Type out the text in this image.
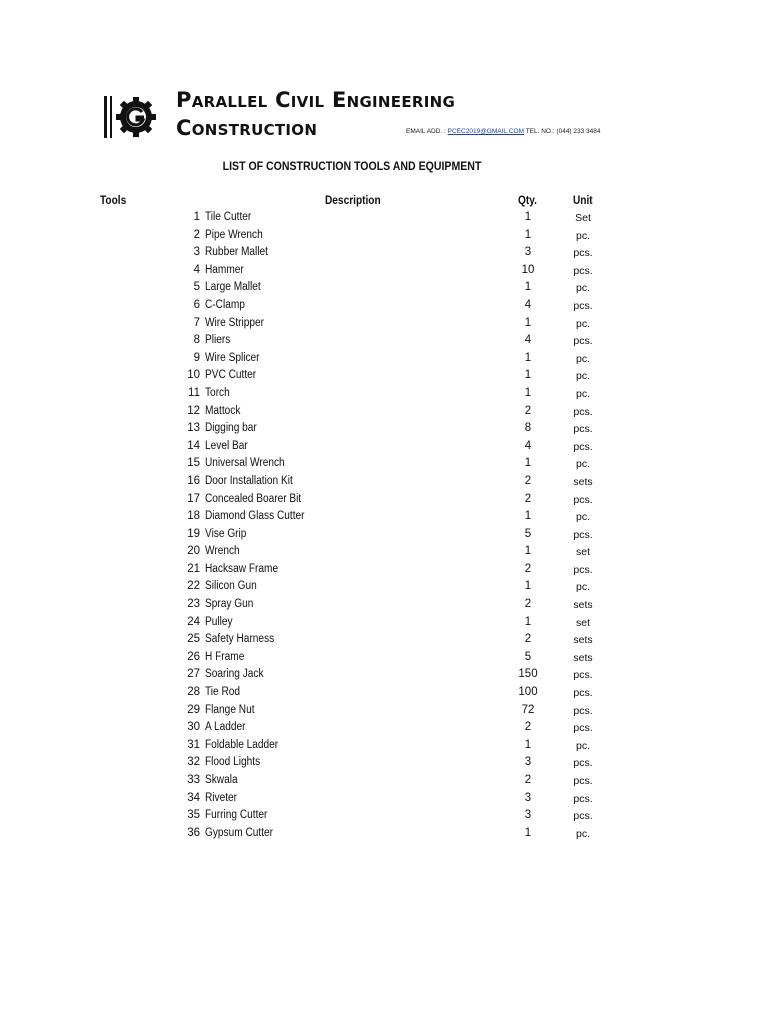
Parallel Civil Engineering
Construction	EMAIL ADD. : PCEC2019@GMAIL.COM TEL. NO.: (044) 233 3484
LIST OF CONSTRUCTION TOOLS AND EQUIPMENT
Tools	Description	Qty.	Unit
1 Tile Cutter	1	Set
2 Pipe Wrench	1	pc.
3 Rubber Mallet	3	pcs.
4 Hammer	10	pcs.
5 Large Mallet	1	pc.
6 C-Clamp	4	pcs.
7 Wire Stripper	1	pc.
8 Pliers	4	pcs.
9 Wire Splicer	1	pc.
10 PVC Cutter	1	pc.
11 Torch	1	pc.
12 Mattock	2	pcs.
13 Digging bar	8	pcs.
14 Level Bar	4	pcs.
15 Universal Wrench	1	pc.
16 Door Installation Kit	2	sets
17 Concealed Boarer Bit	2	pcs.
18 Diamond Glass Cutter	1	pc.
19 Vise Grip	5	pcs.
20 Wrench	1	set
21 Hacksaw Frame	2	pcs.
22 Silicon Gun	1	pc.
23 Spray Gun	2	sets
24 Pulley	1	set
25 Safety Harness	2	sets
26 H Frame	5	sets
27 Soaring Jack	150	pcs.
28 Tie Rod	100	pcs.
29 Flange Nut	72	pcs.
30 A Ladder	2	pcs.
31 Foldable Ladder	1	pc.
32 Flood Lights	3	pcs.
33 Skwala	2	pcs.
34 Riveter	3	pcs.
35 Furring Cutter	3	pcs.
36 Gypsum Cutter	1	pc.
